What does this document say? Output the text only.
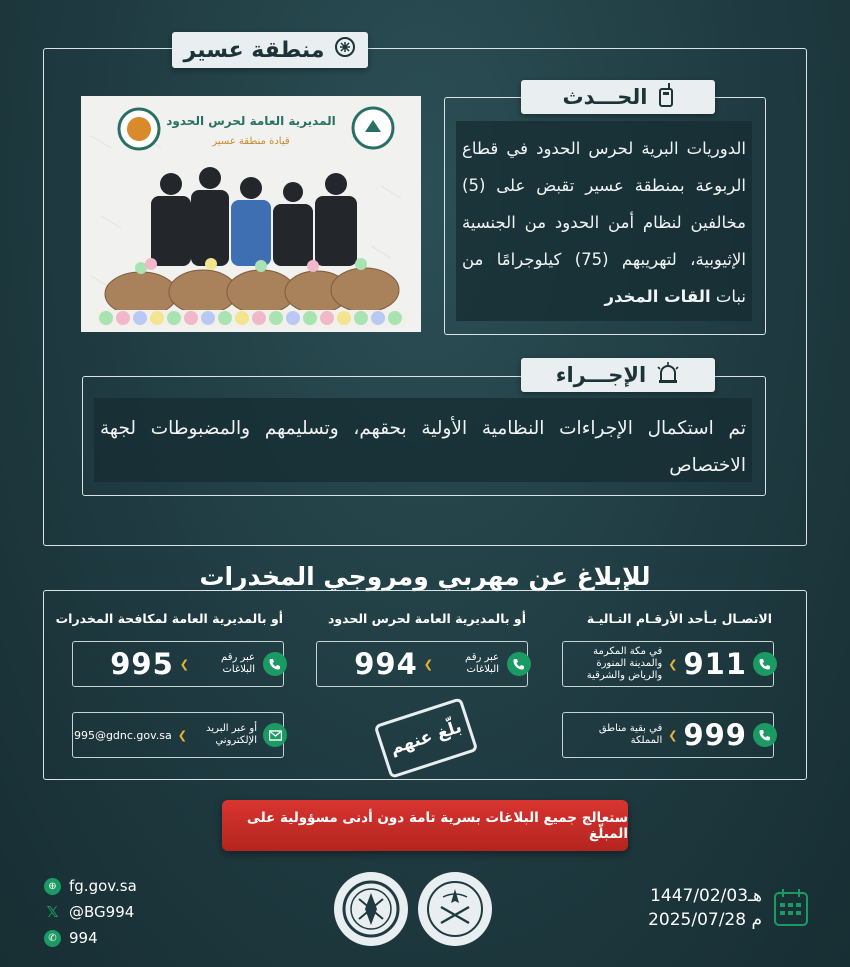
منطقة عسير
المديرية العامة لحرس الحدود
قيادة منطقة عسير
الحـــدث
الدوريات البرية لحرس الحدود في قطاع الربوعة بمنطقة عسير تقبض على (5) مخالفين لنظام أمن الحدود من الجنسية الإثيوبية، لتهريبهم (75) كيلوجرامًا من نبات القات المخدر
الإجـــراء
تم استكمال الإجراءات النظامية الأولية بحقهم، وتسليمهم والمضبوطات لجهة الاختصاص
للإبلاغ عن مهربي ومروجي المخدرات
الاتصـال بـأحد الأرقـام التـاليـة
أو بالمديرية العامة لحرس الحدود
أو بالمديرية العامة لمكافحة المخدرات
911
❯
في مكة المكرمة والمدينة المنورة والرياض والشرقية
999
❯
في بقية مناطق المملكة
عبر رقم البلاغات
❯
994
عبر رقم البلاغات
❯
995
أو عبر البريد الإلكتروني
❯
995@gdnc.gov.sa	بلّغ عنهم
ستعالج جميع البلاغات بسرية تامة دون أدنى مسؤولية على المبلّغ
⊕ fg.gov.sa
𝕏 @BG994
✆ 994
1447/02/03هـ
2025/07/28 م
